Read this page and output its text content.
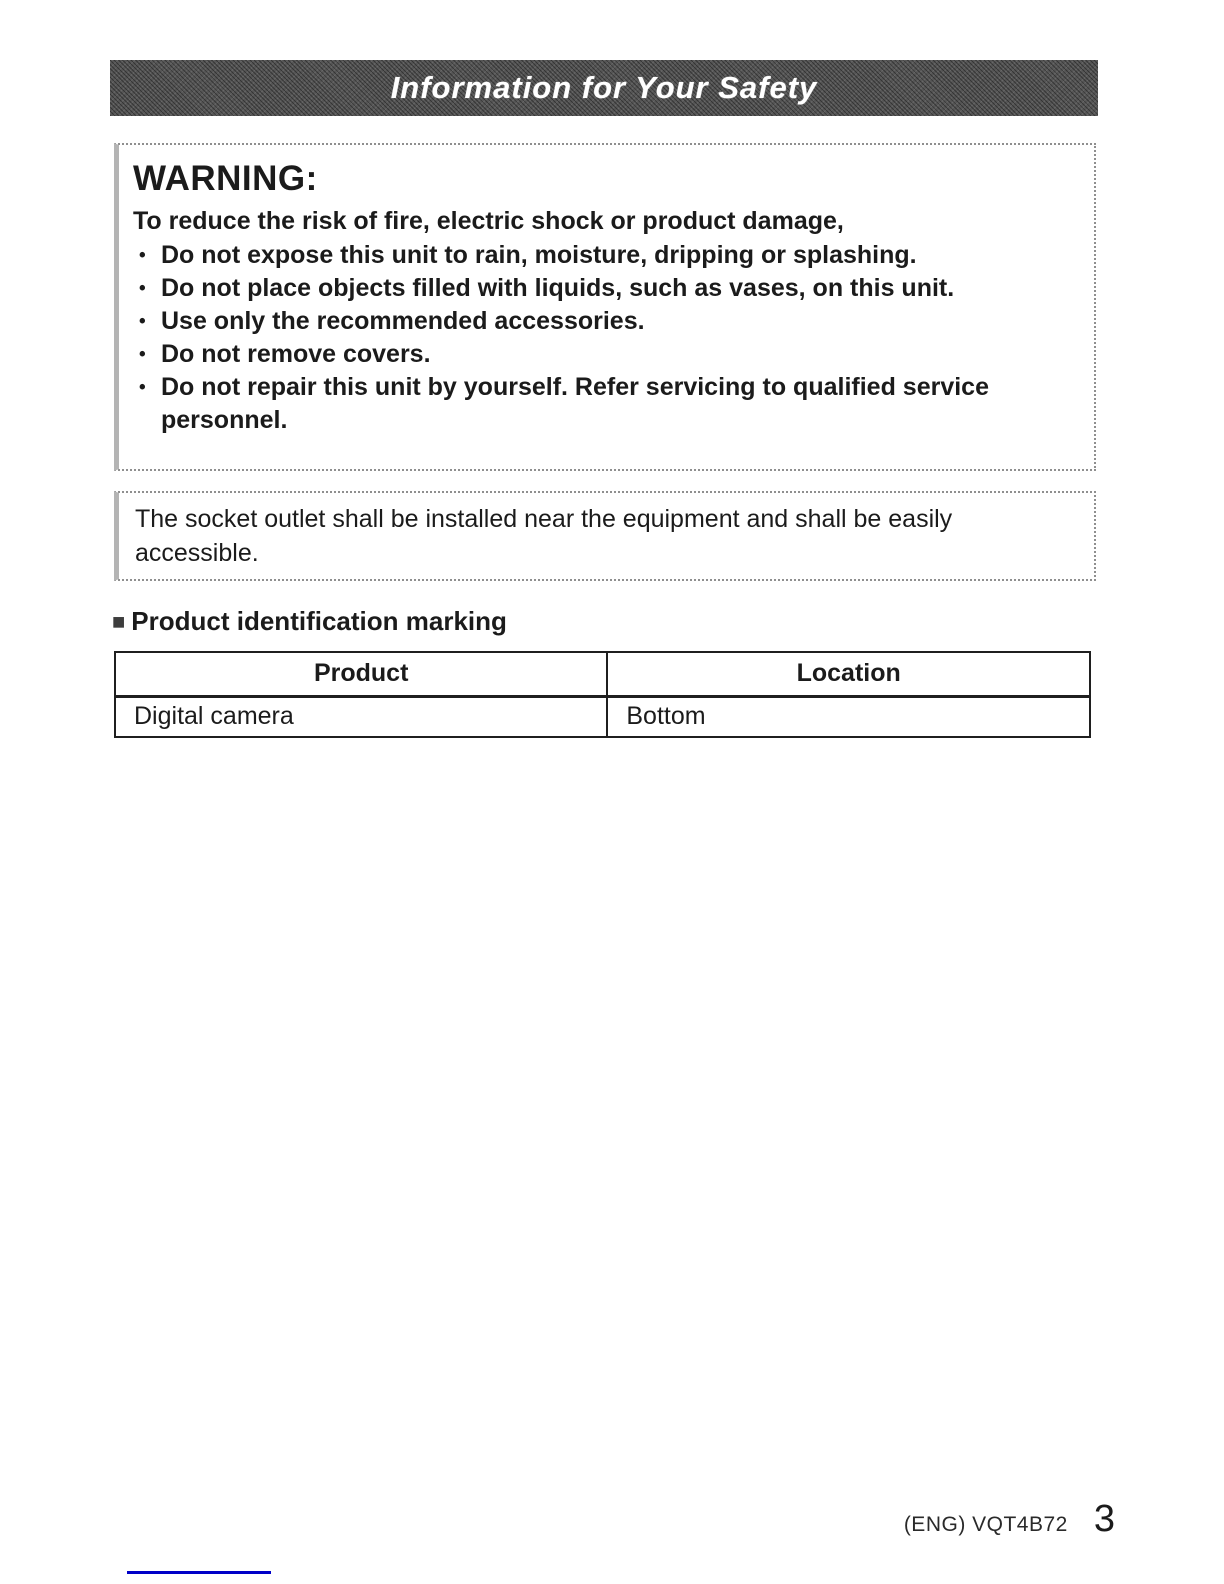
Information for Your Safety
WARNING:
To reduce the risk of fire, electric shock or product damage,
• Do not expose this unit to rain, moisture, dripping or splashing.
• Do not place objects filled with liquids, such as vases, on this unit.
• Use only the recommended accessories.
• Do not remove covers.
• Do not repair this unit by yourself. Refer servicing to qualified service personnel.
The socket outlet shall be installed near the equipment and shall be easily accessible.
■ Product identification marking
Product	Location
Digital camera	Bottom
(ENG) VQT4B72 3
